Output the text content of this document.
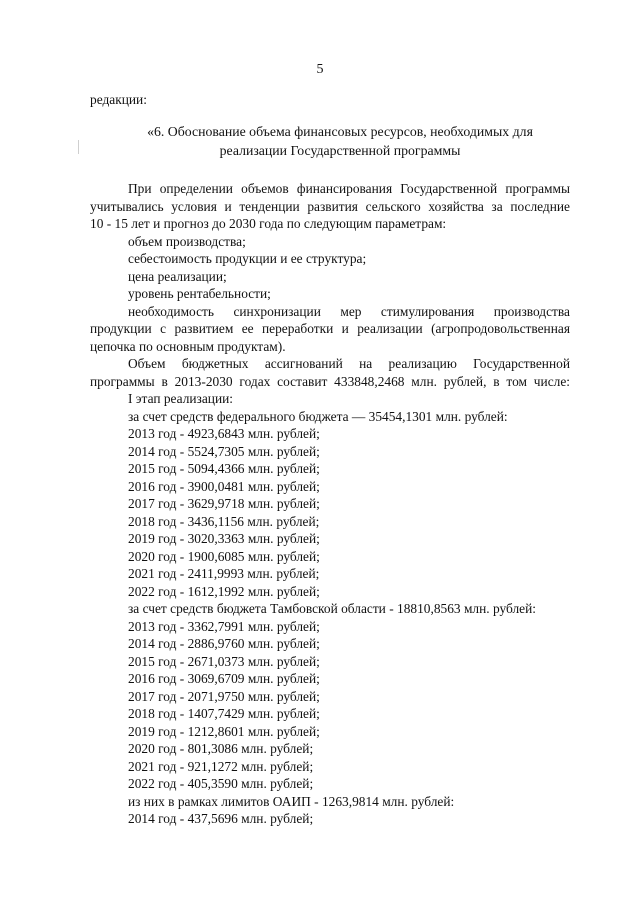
5
редакции:
«6. Обоснование объема финансовых ресурсов, необходимых для
реализации Государственной программы
При определении объемов финансирования Государственной программы
учитывались условия и тенденции развития сельского хозяйства за последние
10 - 15 лет и прогноз до 2030 года по следующим параметрам:
объем производства;
себестоимость продукции и ее структура;
цена реализации;
уровень рентабельности;
необходимость синхронизации мер стимулирования производства
продукции с развитием ее переработки и реализации (агропродовольственная
цепочка по основным продуктам).
Объем бюджетных ассигнований на реализацию Государственной
программы в 2013-2030 годах составит 433848,2468 млн. рублей, в том числе:
I этап реализации:
за счет средств федерального бюджета — 35454,1301 млн. рублей:
2013 год - 4923,6843 млн. рублей;
2014 год - 5524,7305 млн. рублей;
2015 год - 5094,4366 млн. рублей;
2016 год - 3900,0481 млн. рублей;
2017 год - 3629,9718 млн. рублей;
2018 год - 3436,1156 млн. рублей;
2019 год - 3020,3363 млн. рублей;
2020 год - 1900,6085 млн. рублей;
2021 год - 2411,9993 млн. рублей;
2022 год - 1612,1992 млн. рублей;
за счет средств бюджета Тамбовской области - 18810,8563 млн. рублей:
2013 год - 3362,7991 млн. рублей;
2014 год - 2886,9760 млн. рублей;
2015 год - 2671,0373 млн. рублей;
2016 год - 3069,6709 млн. рублей;
2017 год - 2071,9750 млн. рублей;
2018 год - 1407,7429 млн. рублей;
2019 год - 1212,8601 млн. рублей;
2020 год - 801,3086 млн. рублей;
2021 год - 921,1272 млн. рублей;
2022 год - 405,3590 млн. рублей;
из них в рамках лимитов ОАИП - 1263,9814 млн. рублей:
2014 год - 437,5696 млн. рублей;
